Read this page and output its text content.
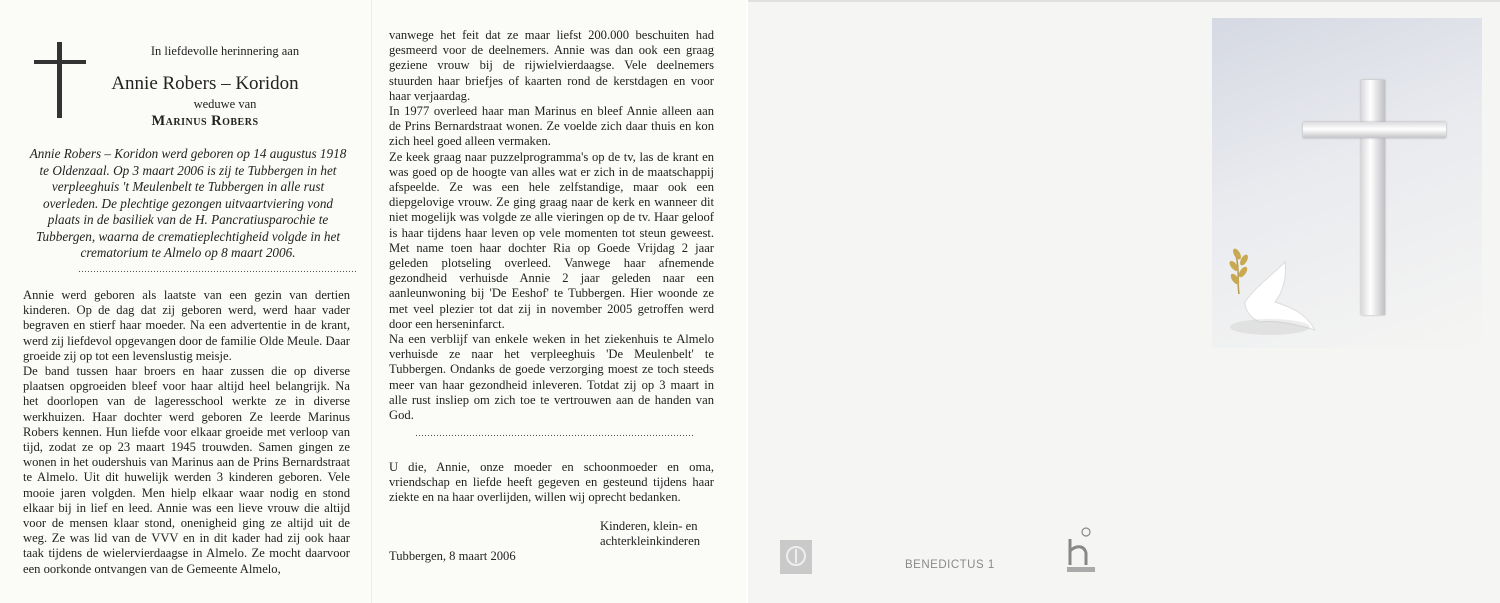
In liefdevolle herinnering aan
Annie Robers – Koridon
weduwe van
Marinus Robers

Annie Robers – Koridon werd geboren op 14 augustus 1918 te Oldenzaal. Op 3 maart 2006 is zij te Tubbergen in het verpleeghuis 't Meulenbelt te Tubbergen in alle rust overleden. De plechtige gezongen uitvaartviering vond plaats in de basiliek van de H. Pancratiusparochie te Tubbergen, waarna de crematieplechtigheid volgde in het crematorium te Almelo op 8 maart 2006.

…………………………………………………………………………………

Annie werd geboren als laatste van een gezin van dertien kinderen. Op de dag dat zij geboren werd, werd haar vader begraven en stierf haar moeder. Na een advertentie in de krant, werd zij liefdevol opgevangen door de familie Olde Meule. Daar groeide zij op tot een levenslustig meisje.

De band tussen haar broers en haar zussen die op diverse plaatsen opgroeiden bleef voor haar altijd heel belangrijk. Na het doorlopen van de lageresschool werkte ze in diverse werkhuizen. Haar dochter werd geboren Ze leerde Marinus Robers kennen. Hun liefde voor elkaar groeide met verloop van tijd, zodat ze op 23 maart 1945 trouwden. Samen gingen ze wonen in het oudershuis van Marinus aan de Prins Bernardstraat te Almelo. Uit dit huwelijk werden 3 kinderen geboren. Vele mooie jaren volgden. Men hielp elkaar waar nodig en stond elkaar bij in lief en leed. Annie was een lieve vrouw die altijd voor de mensen klaar stond, onenigheid ging ze altijd uit de weg. Ze was lid van de VVV en in dit kader had zij ook haar taak tijdens de wielervierdaagse in Almelo. Ze mocht daarvoor een oorkonde ontvangen van de Gemeente Almelo,

vanwege het feit dat ze maar liefst 200.000 beschuiten had gesmeerd voor de deelnemers. Annie was dan ook een graag geziene vrouw bij de rijwielvierdaagse. Vele deelnemers stuurden haar briefjes of kaarten rond de kerstdagen en voor haar verjaardag.

In 1977 overleed haar man Marinus en bleef Annie alleen aan de Prins Bernardstraat wonen. Ze voelde zich daar thuis en kon zich heel goed alleen vermaken.

Ze keek graag naar puzzelprogramma's op de tv, las de krant en was goed op de hoogte van alles wat er zich in de maatschappij afspeelde. Ze was een hele zelfstandige, maar ook een diepgelovige vrouw. Ze ging graag naar de kerk en wanneer dit niet mogelijk was volgde ze alle vieringen op de tv. Haar geloof is haar tijdens haar leven op vele momenten tot steun geweest. Met name toen haar dochter Ria op Goede Vrijdag 2 jaar geleden plotseling overleed. Vanwege haar afnemende gezondheid verhuisde Annie 2 jaar geleden naar een aanleunwoning bij 'De Eeshof' te Tubbergen. Hier woonde ze met veel plezier tot dat zij in november 2005 getroffen werd door een herseninfarct.

Na een verblijf van enkele weken in het ziekenhuis te Almelo verhuisde ze naar het verpleeghuis 'De Meulenbelt' te Tubbergen. Ondanks de goede verzorging moest ze toch steeds meer van haar gezondheid inleveren. Totdat zij op 3 maart in alle rust insliep om zich toe te vertrouwen aan de handen van God.

…………………………………………………………………………………

U die, Annie, onze moeder en schoonmoeder en oma, vriendschap en liefde heeft gegeven en gesteund tijdens haar ziekte en na haar overlijden, willen wij oprecht bedanken.

Kinderen, klein- en
achterkleinkinderen
Tubbergen, 8 maart 2006
BENEDICTUS 1
